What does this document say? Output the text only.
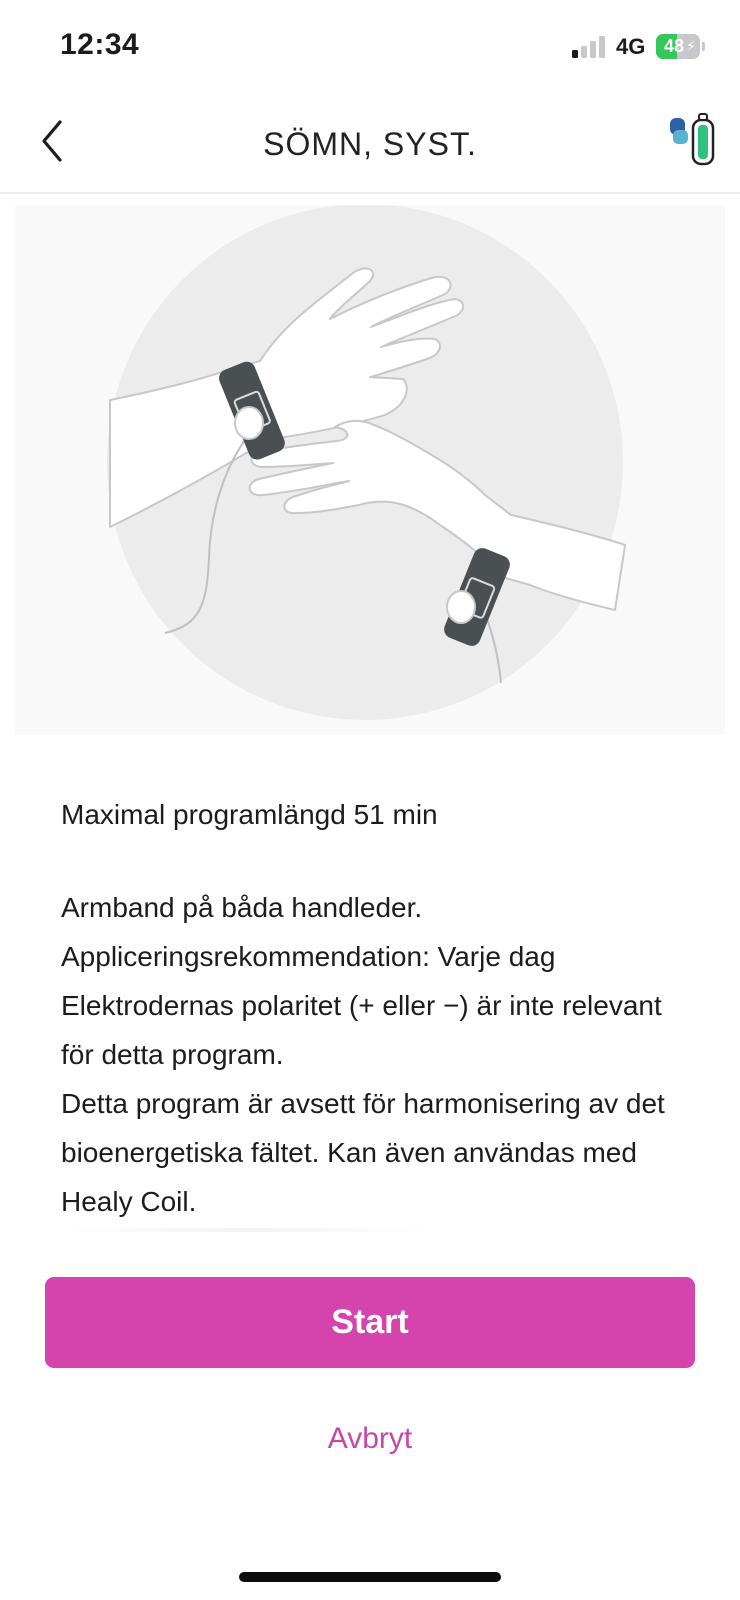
12:34	4G	48 ⚡
SÖMN, SYST.

Maximal programlängd 51 min

Armband på båda handleder.

Appliceringsrekommendation: Varje dag

Elektrodernas polaritet (+ eller −) är inte relevant för detta program.

Detta program är avsett för harmonisering av det bioenergetiska fältet. Kan även användas med Healy Coil.

Start
Avbryt
